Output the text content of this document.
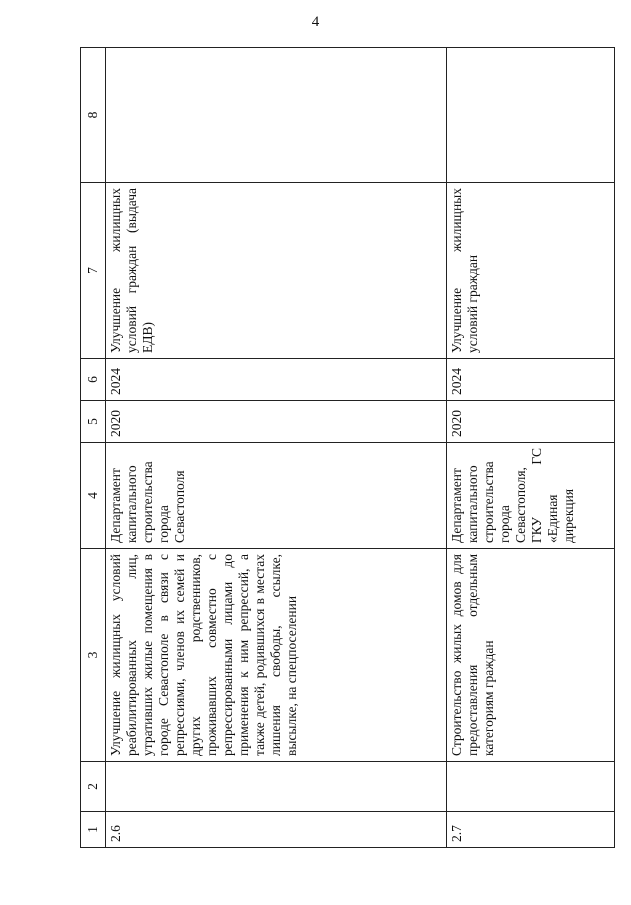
4
1	2	3	4	5	6	7	8
2.6		Улучшение жилищных условий реабилитированных лиц, утративших жилые помещения в городе Севастополе в связи с репрессиями, членов их семей и других родственников, проживавших совместно с репрессированными лицами до применения к ним репрессий, а также детей, родившихся в местах лишения свободы, ссылке, высылке, на спецпоселении	Департамент капитального строительства города Севастополя	2020	2024	Улучшение жилищных условий граждан (выдача ЕДВ)	
2.7		Строительство жилых домов для предоставления отдельным категориям граждан	Департамент капитального строительства города Севастополя, ГКУ ГС «Единая дирекция	2020	2024	Улучшение жилищных условий граждан	
